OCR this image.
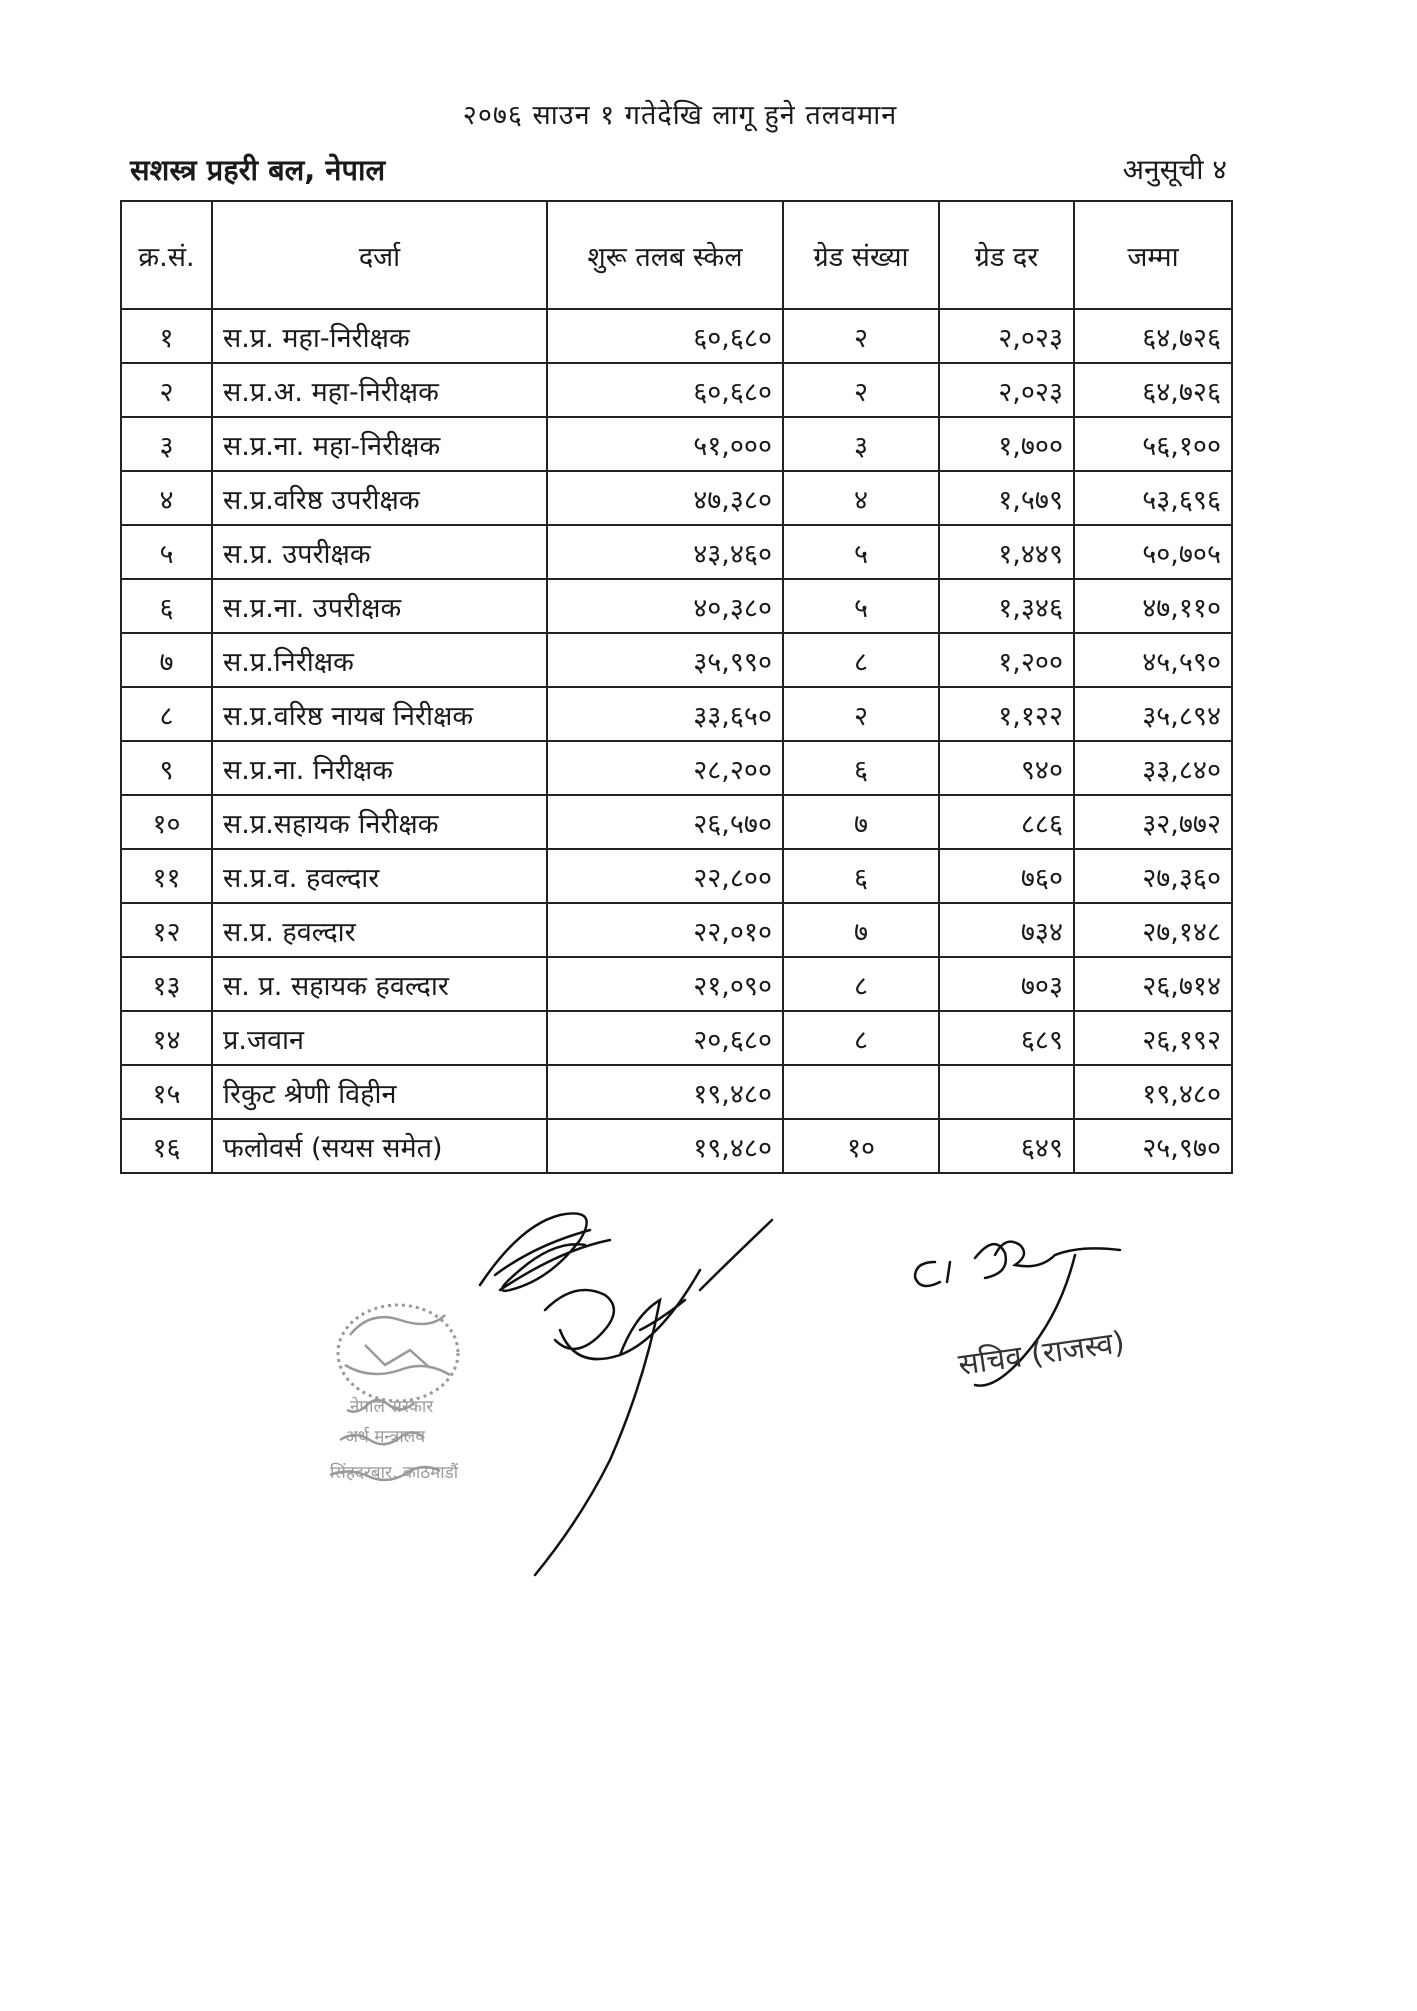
२०७६ साउन १ गतेदेखि लागू हुने तलवमान
सशस्त्र प्रहरी बल, नेपाल	अनुसूची ४
क्र.सं.	दर्जा	शुरू तलब स्केल	ग्रेड संख्या	ग्रेड दर	जम्मा
१	स.प्र. महा-निरीक्षक	६०,६८०	२	२,०२३	६४,७२६
२	स.प्र.अ. महा-निरीक्षक	६०,६८०	२	२,०२३	६४,७२६
३	स.प्र.ना. महा-निरीक्षक	५१,०००	३	१,७००	५६,१००
४	स.प्र.वरिष्ठ उपरीक्षक	४७,३८०	४	१,५७९	५३,६९६
५	स.प्र. उपरीक्षक	४३,४६०	५	१,४४९	५०,७०५
६	स.प्र.ना. उपरीक्षक	४०,३८०	५	१,३४६	४७,११०
७	स.प्र.निरीक्षक	३५,९९०	८	१,२००	४५,५९०
८	स.प्र.वरिष्ठ नायब निरीक्षक	३३,६५०	२	१,१२२	३५,८९४
९	स.प्र.ना. निरीक्षक	२८,२००	६	९४०	३३,८४०
१०	स.प्र.सहायक निरीक्षक	२६,५७०	७	८८६	३२,७७२
११	स.प्र.व. हवल्दार	२२,८००	६	७६०	२७,३६०
१२	स.प्र. हवल्दार	२२,०१०	७	७३४	२७,१४८
१३	स. प्र. सहायक हवल्दार	२१,०९०	८	७०३	२६,७१४
१४	प्र.जवान	२०,६८०	८	६८९	२६,१९२
१५	रिकुट श्रेणी विहीन	१९,४८०			१९,४८०
१६	फलोवर्स (सयस समेत)	१९,४८०	१०	६४९	२५,९७०
नेपाल सरकार
अर्थ मन्त्रालय
सिंहदरबार, काठमाडौं
सचिव (राजस्व)
